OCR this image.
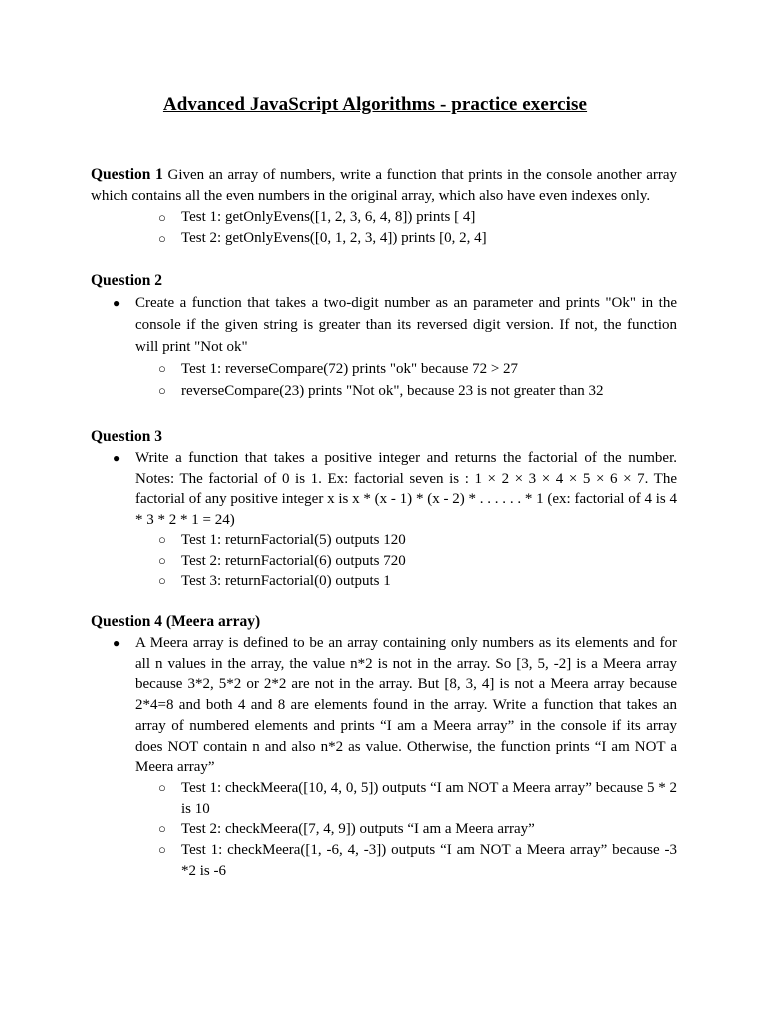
Advanced JavaScript Algorithms - practice exercise
Question 1 Given an array of numbers, write a function that prints in the console another array which contains all the even numbers in the original array, which also have even indexes only.
○ Test 1: getOnlyEvens([1, 2, 3, 6, 4, 8]) prints [ 4]
○ Test 2: getOnlyEvens([0, 1, 2, 3, 4]) prints [0, 2, 4]
Question 2
● Create a function that takes a two-digit number as an parameter and prints "Ok" in the console if the given string is greater than its reversed digit version. If not, the function will print "Not ok"
○ Test 1: reverseCompare(72) prints "ok" because 72 > 27
○ reverseCompare(23) prints "Not ok", because 23 is not greater than 32
Question 3
● Write a function that takes a positive integer and returns the factorial of the number. Notes: The factorial of 0 is 1. Ex: factorial seven is : 1 × 2 × 3 × 4 × 5 × 6 × 7. The factorial of any positive integer x is x * (x - 1) * (x - 2) * . . . . . . * 1 (ex: factorial of 4 is 4 * 3 * 2 * 1 = 24)
○ Test 1: returnFactorial(5) outputs 120
○ Test 2: returnFactorial(6) outputs 720
○ Test 3: returnFactorial(0) outputs 1
Question 4 (Meera array)
● A Meera array is defined to be an array containing only numbers as its elements and for all n values in the array, the value n*2 is not in the array. So [3, 5, -2] is a Meera array because 3*2, 5*2 or 2*2 are not in the array. But [8, 3, 4] is not a Meera array because 2*4=8 and both 4 and 8 are elements found in the array. Write a function that takes an array of numbered elements and prints “I am a Meera array” in the console if its array does NOT contain n and also n*2 as value. Otherwise, the function prints “I am NOT a Meera array”
○ Test 1: checkMeera([10, 4, 0, 5]) outputs “I am NOT a Meera array” because 5 * 2 is 10
○ Test 2: checkMeera([7, 4, 9]) outputs “I am a Meera array”
○ Test 1: checkMeera([1, -6, 4, -3]) outputs “I am NOT a Meera array” because -3 *2 is -6
